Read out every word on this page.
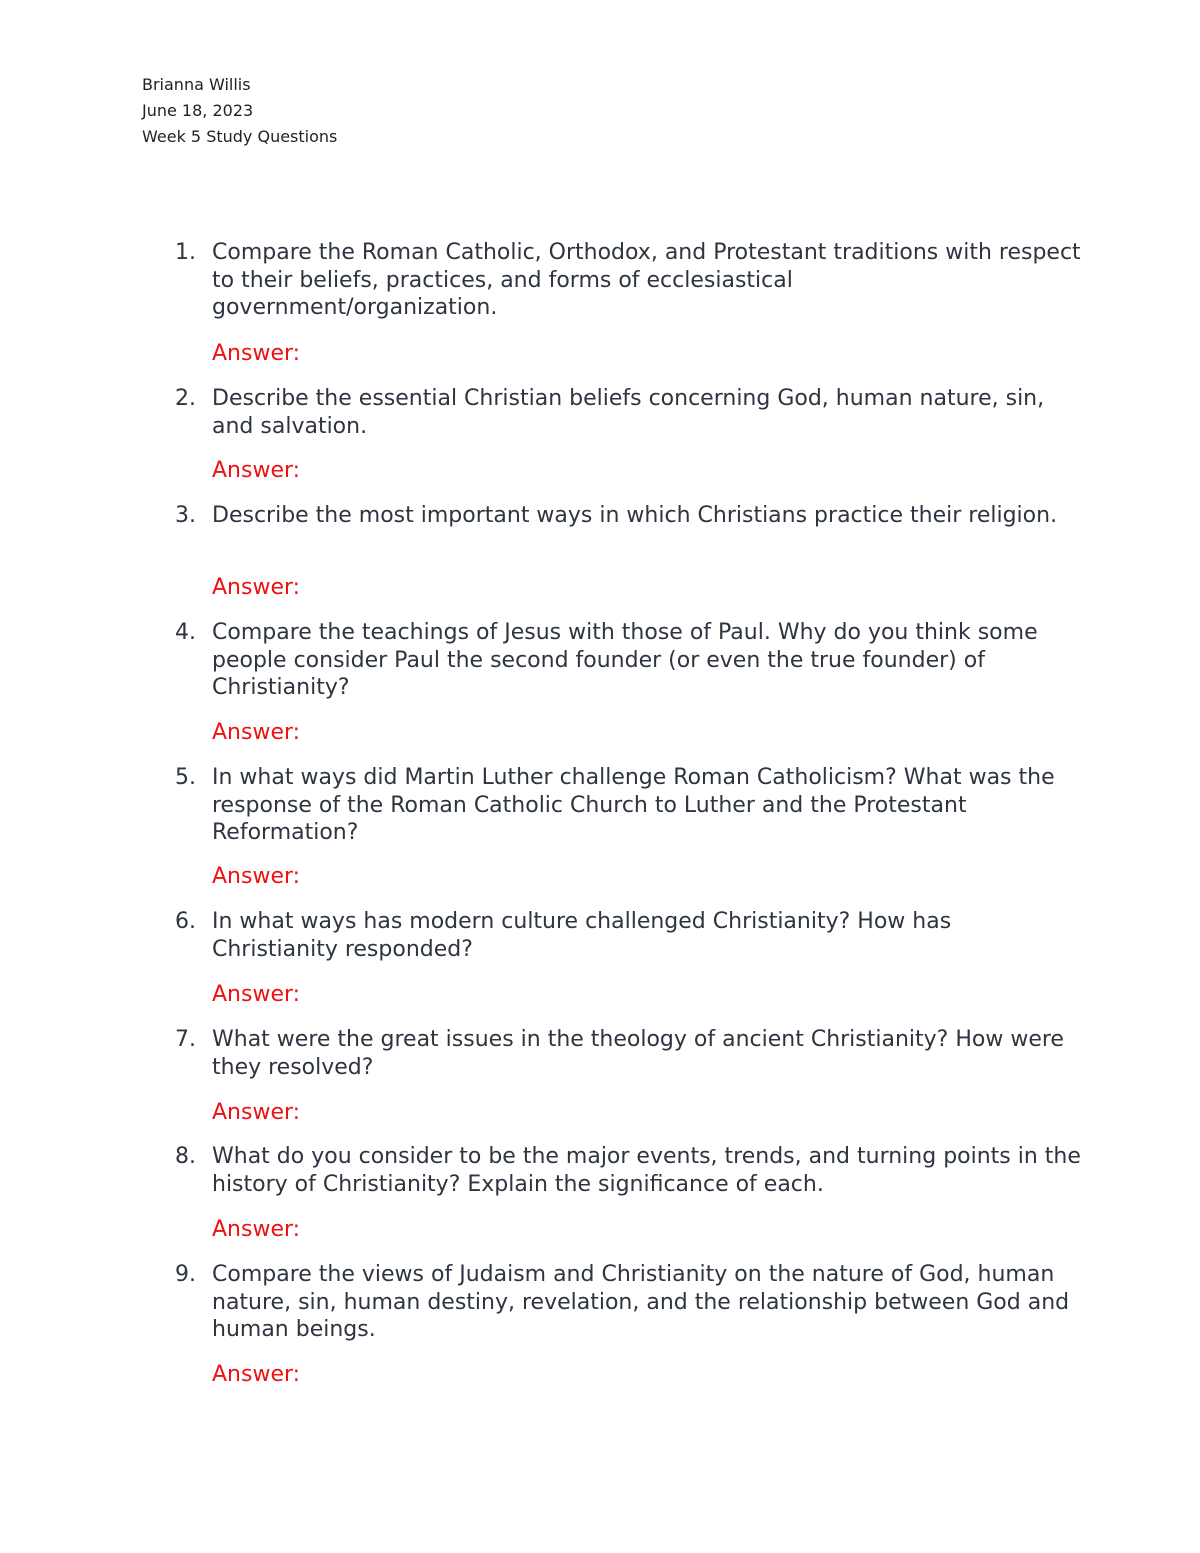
Brianna Willis
June 18, 2023
Week 5 Study Questions
1. Compare the Roman Catholic, Orthodox, and Protestant traditions with respect to their beliefs, practices, and forms of ecclesiastical government/organization.
Answer:
2. Describe the essential Christian beliefs concerning God, human nature, sin, and salvation.
Answer:
3. Describe the most important ways in which Christians practice their religion.
Answer:
4. Compare the teachings of Jesus with those of Paul. Why do you think some people consider Paul the second founder (or even the true founder) of Christianity?
Answer:
5. In what ways did Martin Luther challenge Roman Catholicism? What was the response of the Roman Catholic Church to Luther and the Protestant Reformation?
Answer:
6. In what ways has modern culture challenged Christianity? How has Christianity responded?
Answer:
7. What were the great issues in the theology of ancient Christianity? How were they resolved?
Answer:
8. What do you consider to be the major events, trends, and turning points in the history of Christianity? Explain the significance of each.
Answer:
9. Compare the views of Judaism and Christianity on the nature of God, human nature, sin, human destiny, revelation, and the relationship between God and human beings.
Answer:
